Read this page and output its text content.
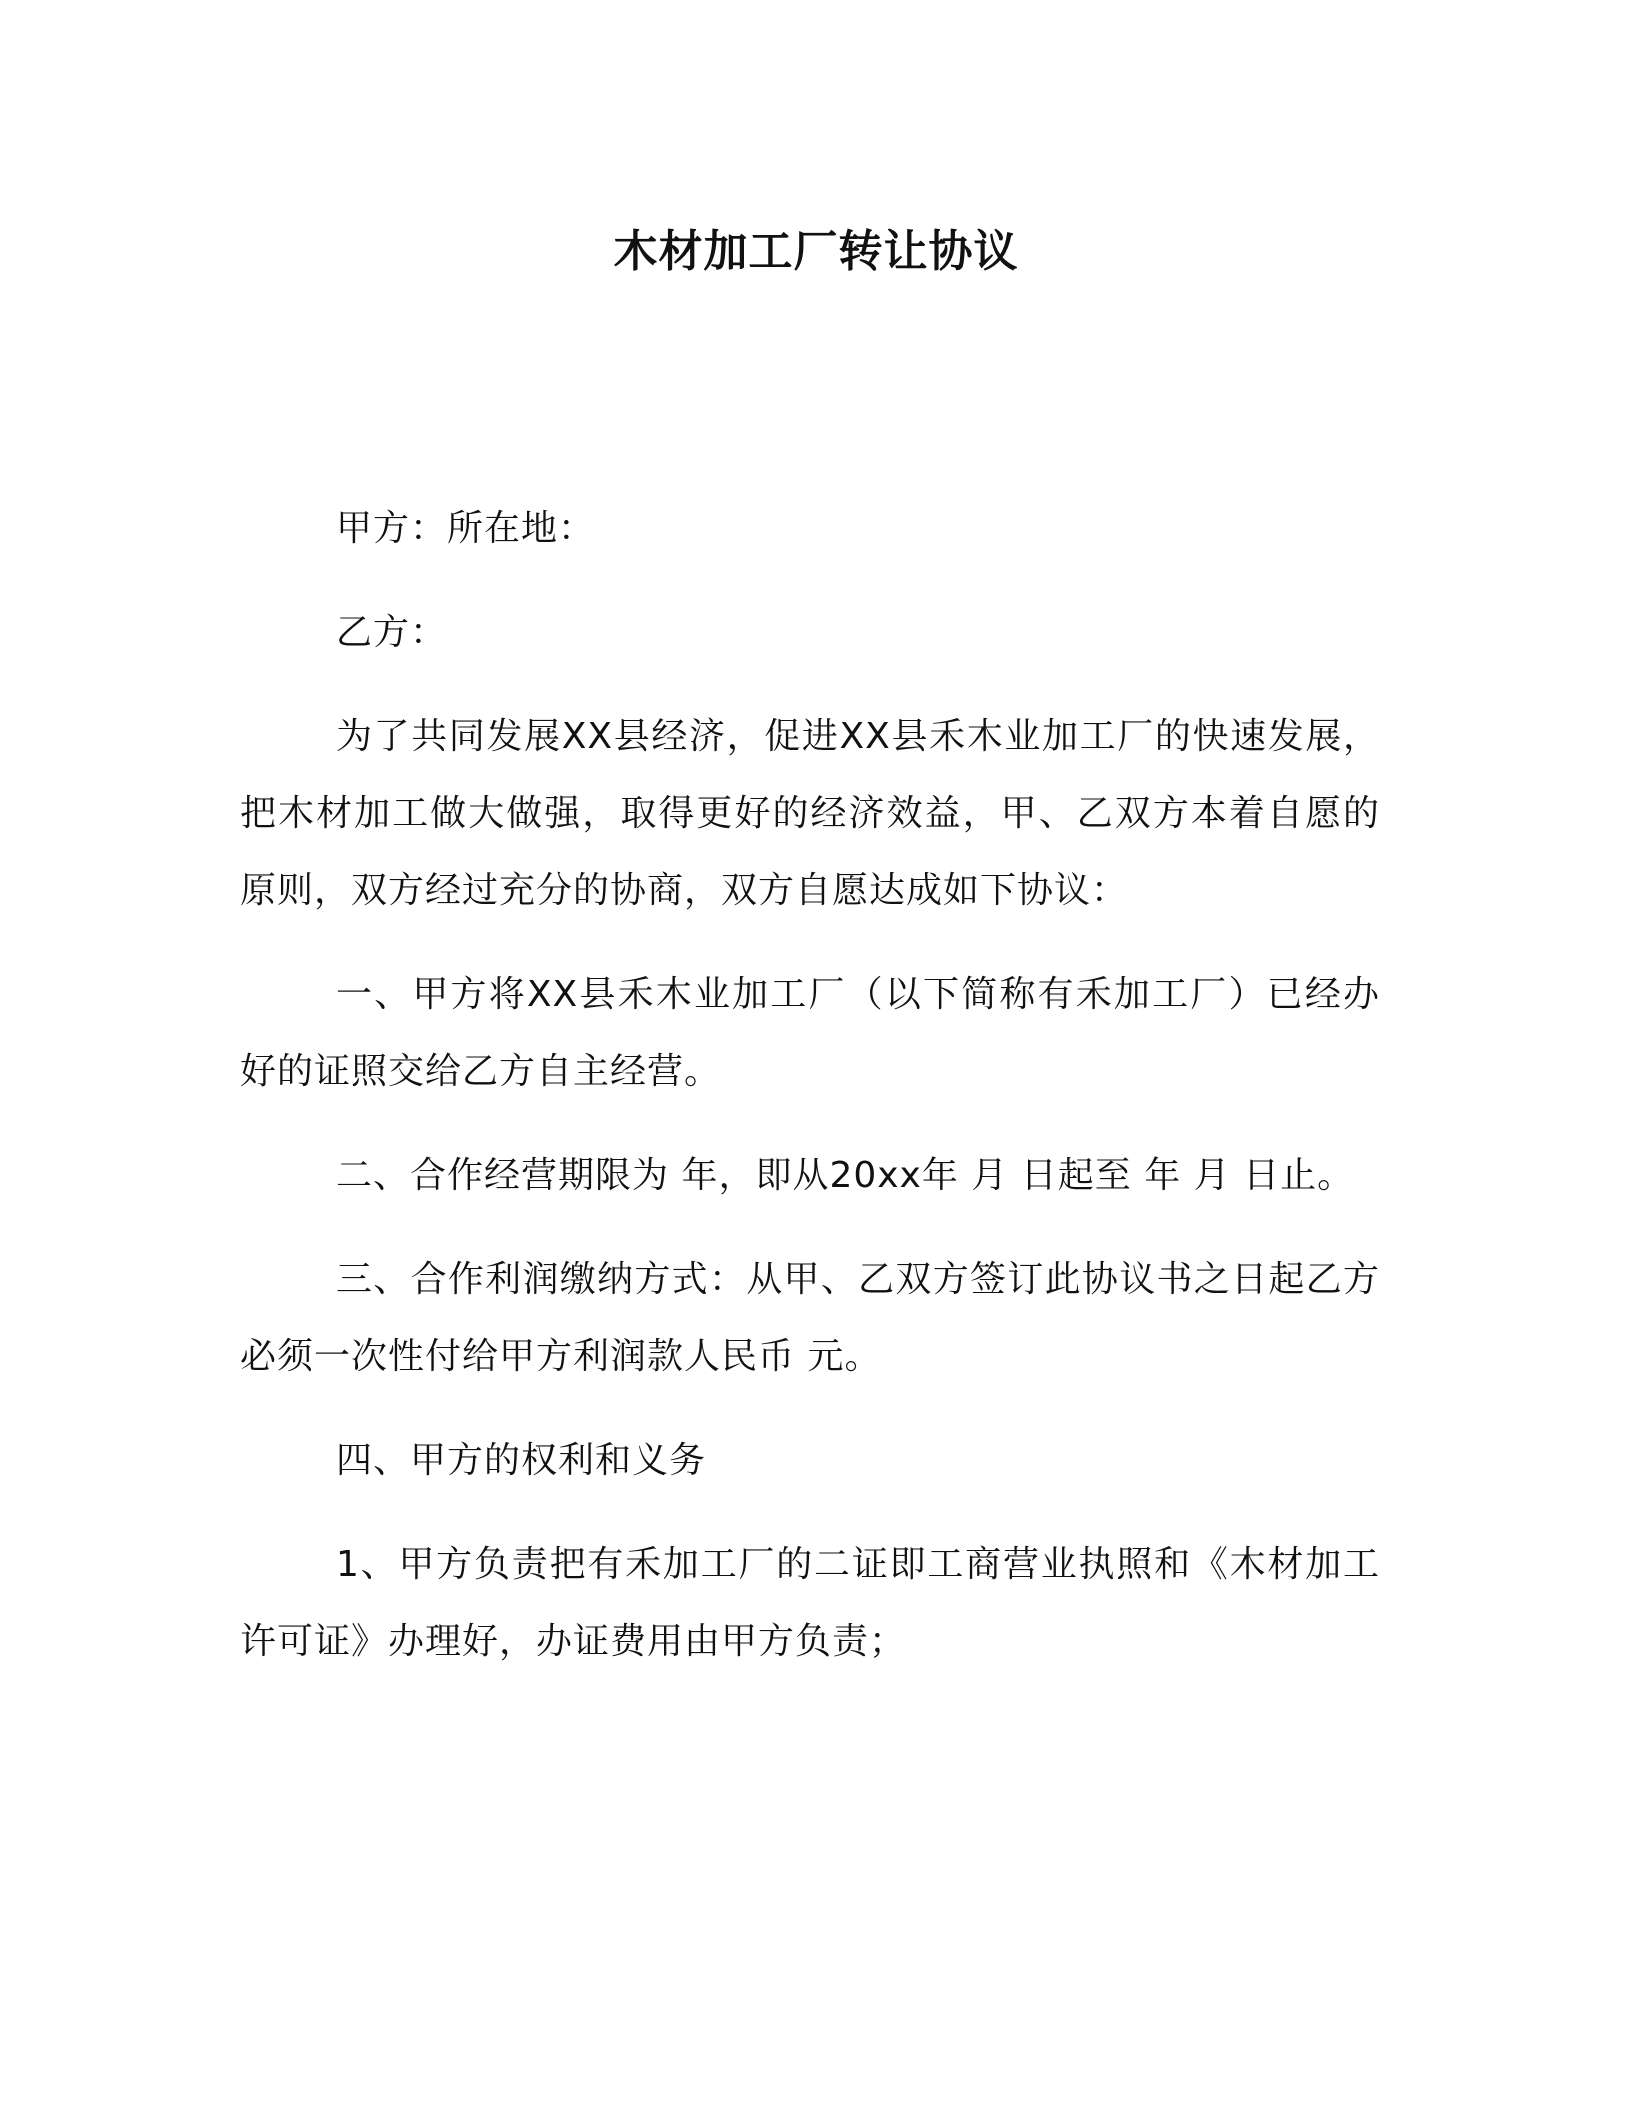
木材加工厂转让协议

甲方：所在地：

乙方：

为了共同发展XX县经济，促进XX县禾木业加工厂的快速发展，把木材加工做大做强，取得更好的经济效益，甲、乙双方本着自愿的原则，双方经过充分的协商，双方自愿达成如下协议：

一、甲方将XX县禾木业加工厂（以下简称有禾加工厂）已经办好的证照交给乙方自主经营。

二、合作经营期限为 年，即从20xx年 月 日起至 年 月 日止。

三、合作利润缴纳方式：从甲、乙双方签订此协议书之日起乙方必须一次性付给甲方利润款人民币 元。

四、甲方的权利和义务

1、甲方负责把有禾加工厂的二证即工商营业执照和《木材加工许可证》办理好，办证费用由甲方负责；
